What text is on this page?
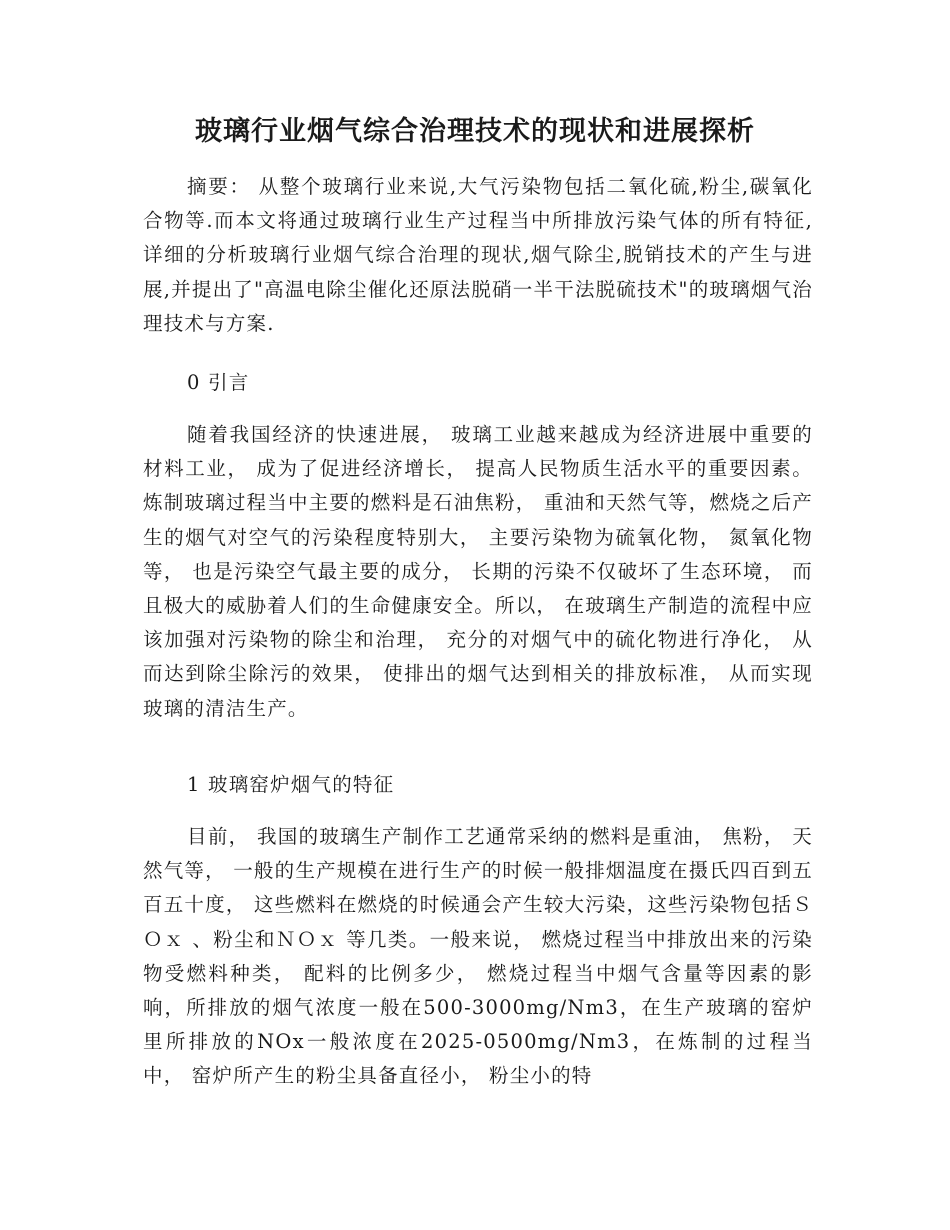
玻璃行业烟气综合治理技术的现状和进展探析

摘要： 从整个玻璃行业来说,大气污染物包括二氧化硫,粉尘,碳氧化合物等.而本文将通过玻璃行业生产过程当中所排放污染气体的所有特征,详细的分析玻璃行业烟气综合治理的现状,烟气除尘,脱销技术的产生与进展,并提出了"高温电除尘催化还原法脱硝一半干法脱硫技术"的玻璃烟气治理技术与方案.

0 引言

随着我国经济的快速进展， 玻璃工业越来越成为经济进展中重要的材料工业， 成为了促进经济增长， 提高人民物质生活水平的重要因素。炼制玻璃过程当中主要的燃料是石油焦粉， 重油和天然气等，燃烧之后产生的烟气对空气的污染程度特别大， 主要污染物为硫氧化物， 氮氧化物等， 也是污染空气最主要的成分， 长期的污染不仅破坏了生态环境， 而且极大的威胁着人们的生命健康安全。所以， 在玻璃生产制造的流程中应该加强对污染物的除尘和治理， 充分的对烟气中的硫化物进行净化， 从而达到除尘除污的效果， 使排出的烟气达到相关的排放标准， 从而实现玻璃的清洁生产。

1 玻璃窑炉烟气的特征

目前， 我国的玻璃生产制作工艺通常采纳的燃料是重油， 焦粉， 天然气等， 一般的生产规模在进行生产的时候一般排烟温度在摄氏四百到五百五十度， 这些燃料在燃烧的时候通会产生较大污染，这些污染物包括ＳＯｘ 、粉尘和ＮＯｘ 等几类。一般来说， 燃烧过程当中排放出来的污染物受燃料种类， 配料的比例多少， 燃烧过程当中烟气含量等因素的影响，所排放的烟气浓度一般在500-3000mg/Nm3，在生产玻璃的窑炉里所排放的NOx一般浓度在2025-0500mg/Nm3，在炼制的过程当中， 窑炉所产生的粉尘具备直径小， 粉尘小的特
